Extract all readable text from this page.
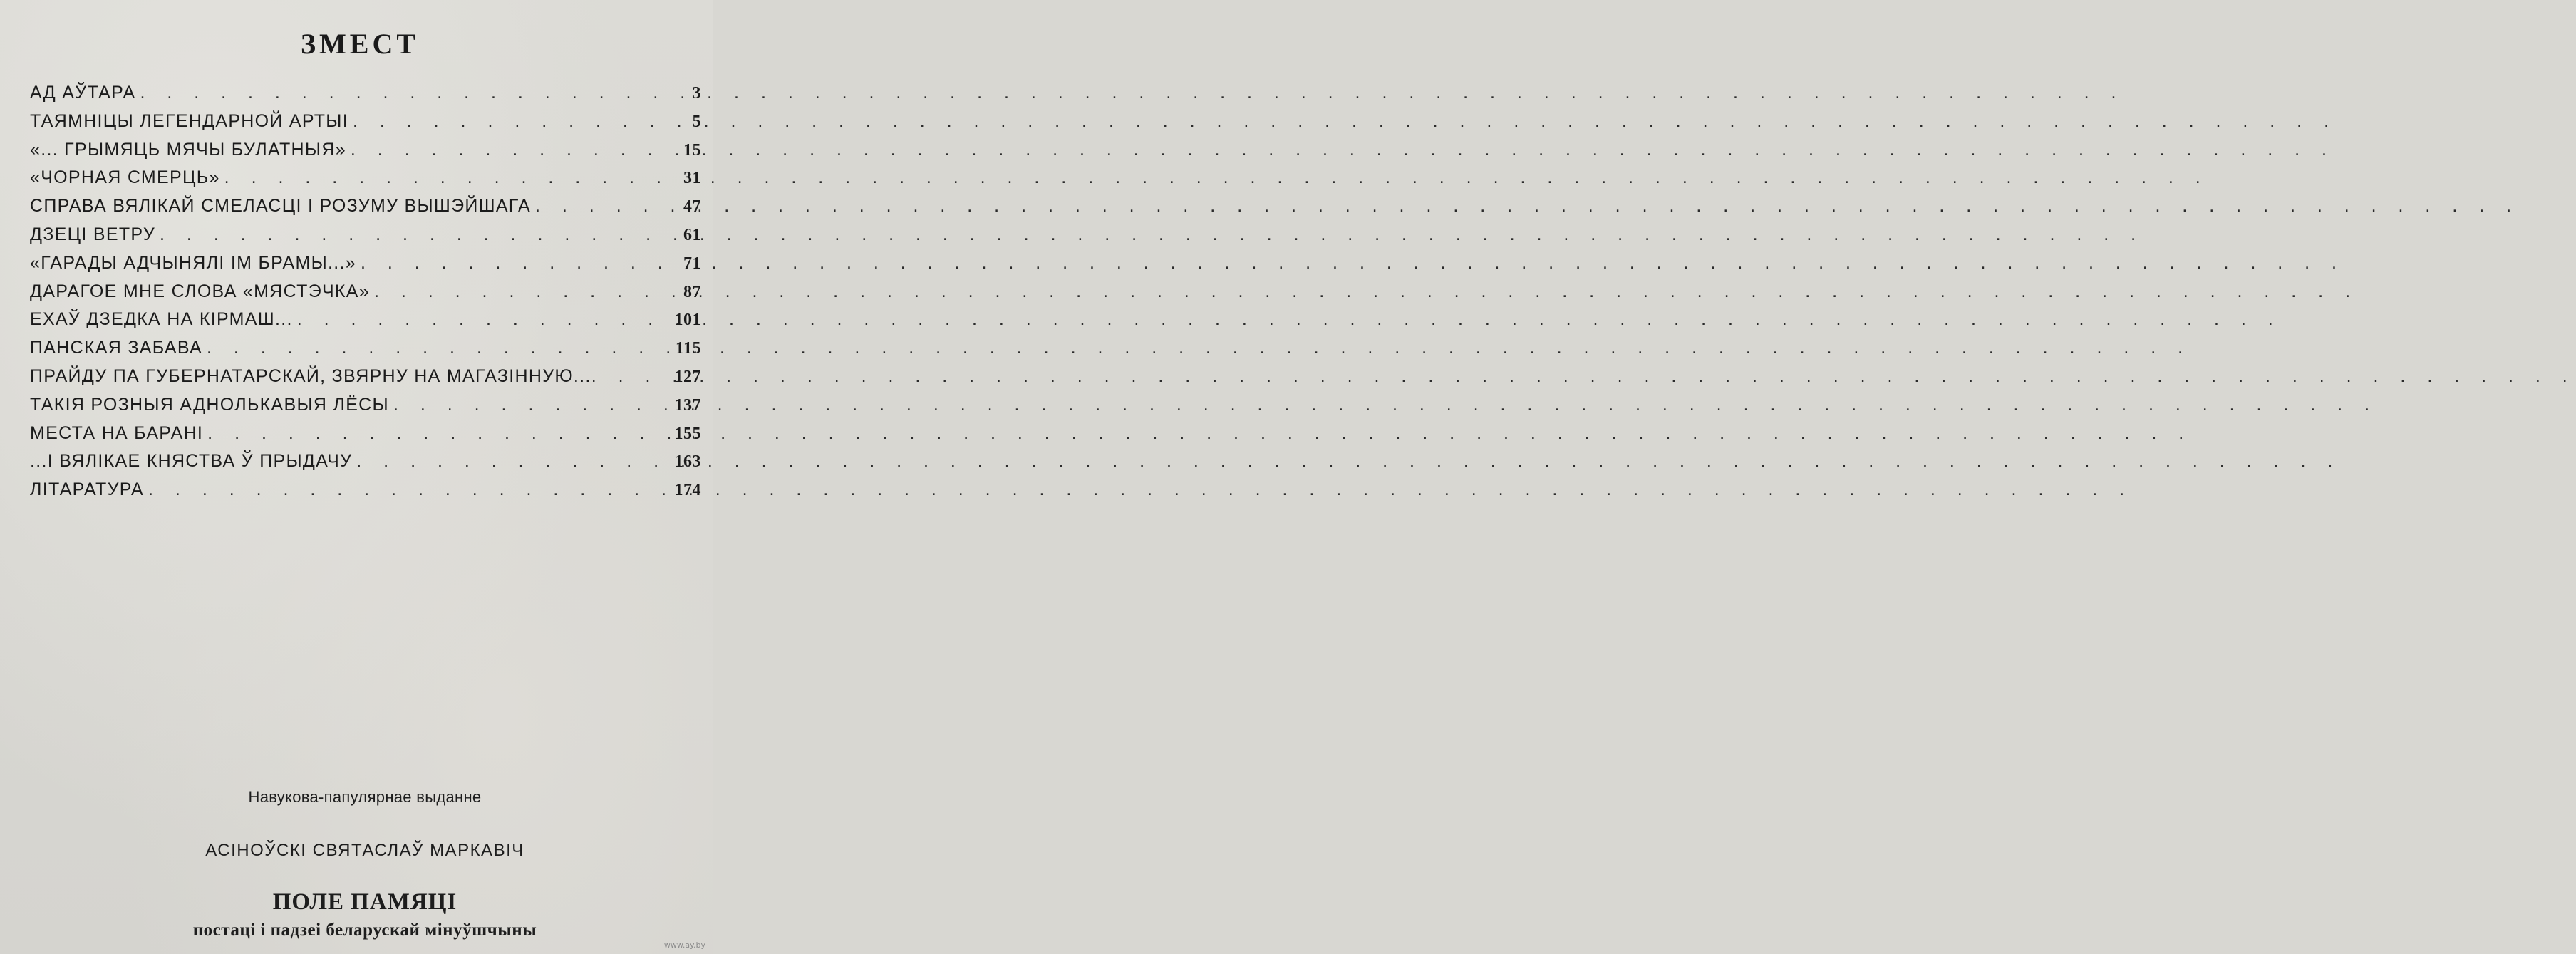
ЗМЕСТ
АД АЎТАРА . . .	3
ТАЯМНІЦЫ ЛЕГЕНДАРНОЙ АРТЫІ . . .	5
«... ГРЫМЯЦЬ МЯЧЫ БУЛАТНЫЯ» . . .	15
«ЧОРНАЯ СМЕРЦЬ» . . .	31
СПРАВА ВЯЛІКАЙ СМЕЛАСЦІ І РОЗУМУ ВЫШЭЙШАГА . . .	47
ДЗЕЦІ ВЕТРУ . . .	61
«ГАРАДЫ АДЧЫНЯЛІ ІМ БРАМЫ...» . . .	71
ДАРАГОЕ МНЕ СЛОВА «МЯСТЭЧКА» . . .	87
ЕХАЎ ДЗЕДКА НА КІРМАШ... . . .	101
ПАНСКАЯ ЗАБАВА . . .	115
ПРАЙДУ ПА ГУБЕРНАТАРСКАЙ, ЗВЯРНУ НА МАГАЗІННУЮ... . . .	127
ТАКІЯ РОЗНЫЯ АДНОЛЬКАВЫЯ ЛЁСЫ . . .	137
МЕСТА НА БАРАНІ . . .	155
...І ВЯЛІКАЕ КНЯСТВА Ў ПРЫДАЧУ . . .	163
ЛІТАРАТУРА . . .	174
Навукова-папулярнае выданне
АСІНОЎСКІ СВЯТАСЛАЎ МАРКАВІЧ
ПОЛЕ ПАМЯЦІ
постаці і падзеі беларускай мінуўшчыны
www.ay.by
